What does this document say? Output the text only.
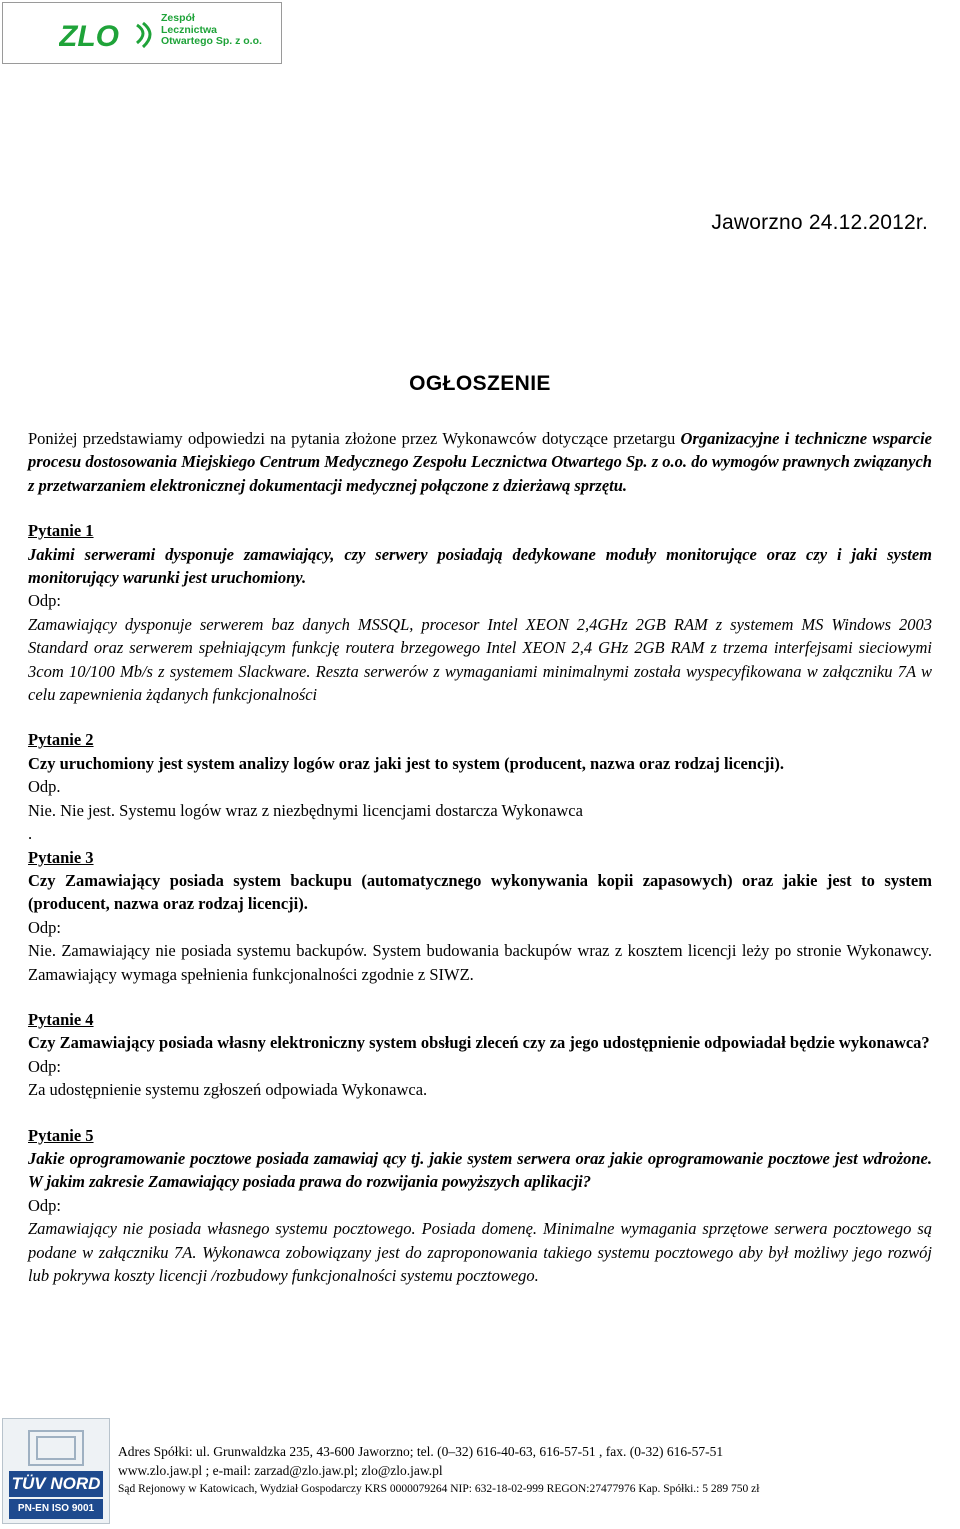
ZLO
Zespół
Lecznictwa
Otwartego Sp. z o.o.
Jaworzno 24.12.2012r.
OGŁOSZENIE

Poniżej przedstawiamy odpowiedzi na pytania złożone przez Wykonawców dotyczące przetargu Organizacyjne i techniczne wsparcie procesu dostosowania Miejskiego Centrum Medycznego Zespołu Lecznictwa Otwartego Sp. z o.o. do wymogów prawnych związanych z przetwarzaniem elektronicznej dokumentacji medycznej połączone z dzierżawą sprzętu.

Pytanie 1

Jakimi serwerami dysponuje zamawiający, czy serwery posiadają dedykowane moduły monitorujące oraz czy i jaki system monitorujący warunki jest uruchomiony.

Odp:

Zamawiający dysponuje serwerem baz danych MSSQL, procesor Intel XEON 2,4GHz 2GB RAM z systemem MS Windows 2003 Standard oraz serwerem spełniającym funkcję routera brzegowego Intel XEON 2,4 GHz 2GB RAM z trzema interfejsami sieciowymi 3com 10/100 Mb/s z systemem Slackware. Reszta serwerów z wymaganiami minimalnymi została wyspecyfikowana w załączniku 7A w celu zapewnienia żądanych funkcjonalności

Pytanie 2

Czy uruchomiony jest system analizy logów oraz jaki jest to system (producent, nazwa oraz rodzaj licencji).

Odp.

Nie. Nie jest. Systemu logów wraz z niezbędnymi licencjami dostarcza Wykonawca

.

Pytanie 3

Czy Zamawiający posiada system backupu (automatycznego wykonywania kopii zapasowych) oraz jakie jest to system (producent, nazwa oraz rodzaj licencji).

Odp:

Nie. Zamawiający nie posiada systemu backupów. System budowania backupów wraz z kosztem licencji leży po stronie Wykonawcy. Zamawiający wymaga spełnienia funkcjonalności zgodnie z SIWZ.

Pytanie 4

Czy Zamawiający posiada własny elektroniczny system obsługi zleceń czy za jego udostępnienie odpowiadał będzie wykonawca?

Odp:

Za udostępnienie systemu zgłoszeń odpowiada Wykonawca.

Pytanie 5

Jakie oprogramowanie pocztowe posiada zamawiaj ący tj. jakie system serwera oraz jakie oprogramowanie pocztowe jest wdrożone. W jakim zakresie Zamawiający posiada prawa do rozwijania powyższych aplikacji?

Odp:

Zamawiający nie posiada własnego systemu pocztowego. Posiada domenę. Minimalne wymagania sprzętowe serwera pocztowego są podane w załączniku 7A. Wykonawca zobowiązany jest do zaproponowania takiego systemu pocztowego aby był możliwy jego rozwój lub pokrywa koszty licencji /rozbudowy funkcjonalności systemu pocztowego.

TÜV NORD
PN-EN ISO 9001
Adres Spółki: ul. Grunwaldzka 235, 43-600 Jaworzno; tel. (0–32) 616-40-63, 616-57-51 , fax. (0-32) 616-57-51
www.zlo.jaw.pl ; e-mail: zarzad@zlo.jaw.pl; zlo@zlo.jaw.pl
Sąd Rejonowy w Katowicach, Wydział Gospodarczy KRS 0000079264 NIP: 632-18-02-999 REGON:27477976 Kap. Spółki.: 5 289 750 zł
